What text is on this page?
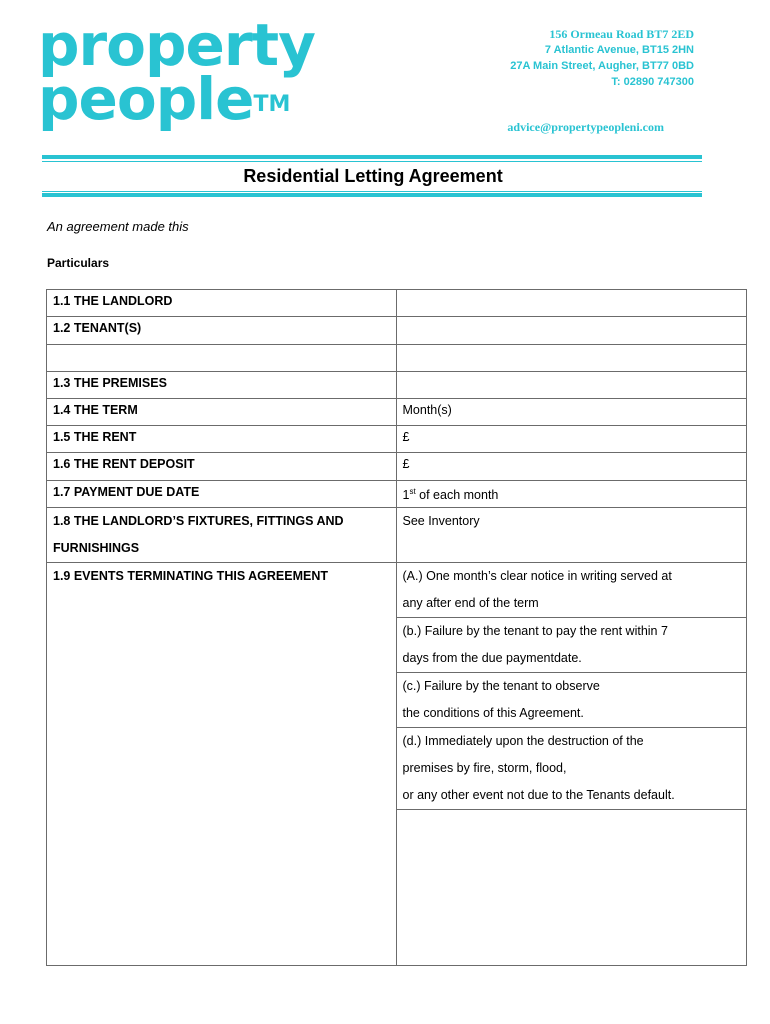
property
people™
156 Ormeau Road BT7 2ED
7 Atlantic Avenue, BT15 2HN
27A Main Street, Augher, BT77 0BD
T: 02890 747300
advice@propertypeopleni.com
Residential Letting Agreement
An agreement made this
Particulars
1.1 THE LANDLORD	
1.2 TENANT(S)	

1.3 THE PREMISES	
1.4 THE TERM	Month(s)
1.5 THE RENT	£
1.6 THE RENT DEPOSIT	£
1.7 PAYMENT DUE DATE	1st of each month

1.8 THE LANDLORD’S FIXTURES, FITTINGS AND
FURNISHINGS	See Inventory

1.9 EVENTS TERMINATING THIS AGREEMENT	(A.) One month’s clear notice in writing served at
any after end of the term

	(b.) Failure by the tenant to pay the rent within 7
days from the due paymentdate.

	(c.) Failure by the tenant to observe
the conditions of this Agreement.

	(d.) Immediately upon the destruction of the
premises by fire, storm, flood,
or any other event not due to the Tenants default.
